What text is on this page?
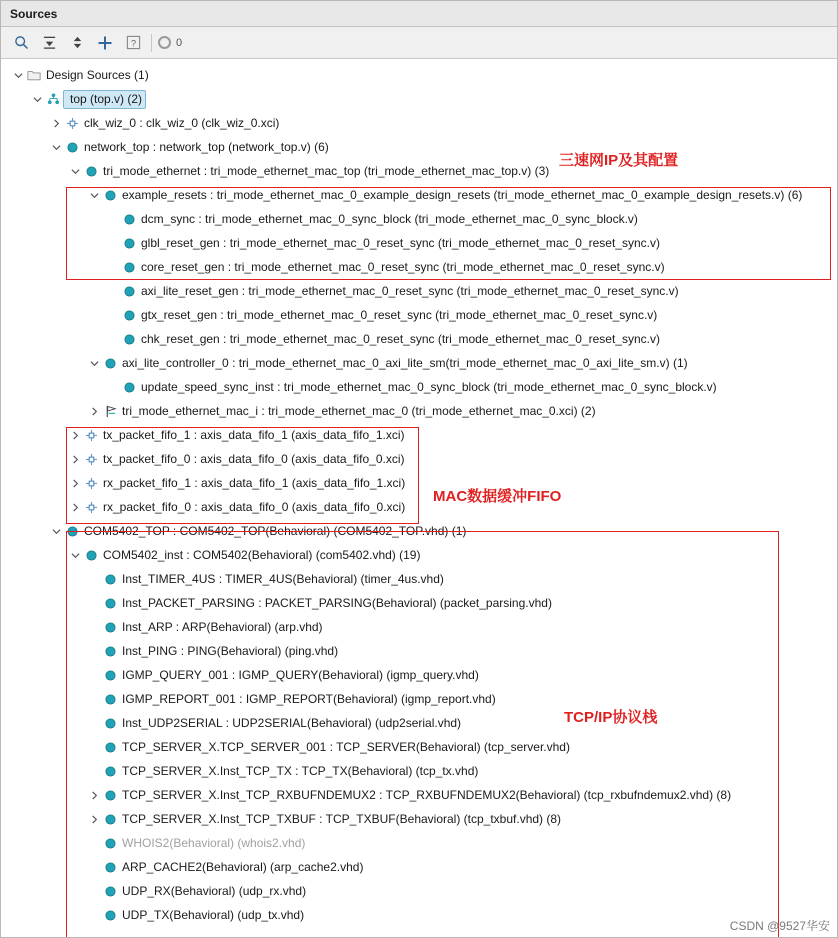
Sources
?	0
Design Sources (1)
top (top.v) (2)
clk_wiz_0 : clk_wiz_0 (clk_wiz_0.xci)
network_top : network_top (network_top.v) (6)
tri_mode_ethernet : tri_mode_ethernet_mac_top (tri_mode_ethernet_mac_top.v) (3)
example_resets : tri_mode_ethernet_mac_0_example_design_resets (tri_mode_ethernet_mac_0_example_design_resets.v) (6)
dcm_sync : tri_mode_ethernet_mac_0_sync_block (tri_mode_ethernet_mac_0_sync_block.v)
glbl_reset_gen : tri_mode_ethernet_mac_0_reset_sync (tri_mode_ethernet_mac_0_reset_sync.v)
core_reset_gen : tri_mode_ethernet_mac_0_reset_sync (tri_mode_ethernet_mac_0_reset_sync.v)
axi_lite_reset_gen : tri_mode_ethernet_mac_0_reset_sync (tri_mode_ethernet_mac_0_reset_sync.v)
gtx_reset_gen : tri_mode_ethernet_mac_0_reset_sync (tri_mode_ethernet_mac_0_reset_sync.v)
chk_reset_gen : tri_mode_ethernet_mac_0_reset_sync (tri_mode_ethernet_mac_0_reset_sync.v)
axi_lite_controller_0 : tri_mode_ethernet_mac_0_axi_lite_sm(tri_mode_ethernet_mac_0_axi_lite_sm.v) (1)
update_speed_sync_inst : tri_mode_ethernet_mac_0_sync_block (tri_mode_ethernet_mac_0_sync_block.v)
tri_mode_ethernet_mac_i : tri_mode_ethernet_mac_0 (tri_mode_ethernet_mac_0.xci) (2)
tx_packet_fifo_1 : axis_data_fifo_1 (axis_data_fifo_1.xci)
tx_packet_fifo_0 : axis_data_fifo_0 (axis_data_fifo_0.xci)
rx_packet_fifo_1 : axis_data_fifo_1 (axis_data_fifo_1.xci)
rx_packet_fifo_0 : axis_data_fifo_0 (axis_data_fifo_0.xci)
COM5402_TOP : COM5402_TOP(Behavioral) (COM5402_TOP.vhd) (1)
COM5402_inst : COM5402(Behavioral) (com5402.vhd) (19)
Inst_TIMER_4US : TIMER_4US(Behavioral) (timer_4us.vhd)
Inst_PACKET_PARSING : PACKET_PARSING(Behavioral) (packet_parsing.vhd)
Inst_ARP : ARP(Behavioral) (arp.vhd)
Inst_PING : PING(Behavioral) (ping.vhd)
IGMP_QUERY_001 : IGMP_QUERY(Behavioral) (igmp_query.vhd)
IGMP_REPORT_001 : IGMP_REPORT(Behavioral) (igmp_report.vhd)
Inst_UDP2SERIAL : UDP2SERIAL(Behavioral) (udp2serial.vhd)
TCP_SERVER_X.TCP_SERVER_001 : TCP_SERVER(Behavioral) (tcp_server.vhd)
TCP_SERVER_X.Inst_TCP_TX : TCP_TX(Behavioral) (tcp_tx.vhd)
TCP_SERVER_X.Inst_TCP_RXBUFNDEMUX2 : TCP_RXBUFNDEMUX2(Behavioral) (tcp_rxbufndemux2.vhd) (8)
TCP_SERVER_X.Inst_TCP_TXBUF : TCP_TXBUF(Behavioral) (tcp_txbuf.vhd) (8)
WHOIS2(Behavioral) (whois2.vhd)
ARP_CACHE2(Behavioral) (arp_cache2.vhd)
UDP_RX(Behavioral) (udp_rx.vhd)
UDP_TX(Behavioral) (udp_tx.vhd)
三速网IP及其配置
MAC数据缓冲FIFO
TCP/IP协议栈
CSDN @9527华安
